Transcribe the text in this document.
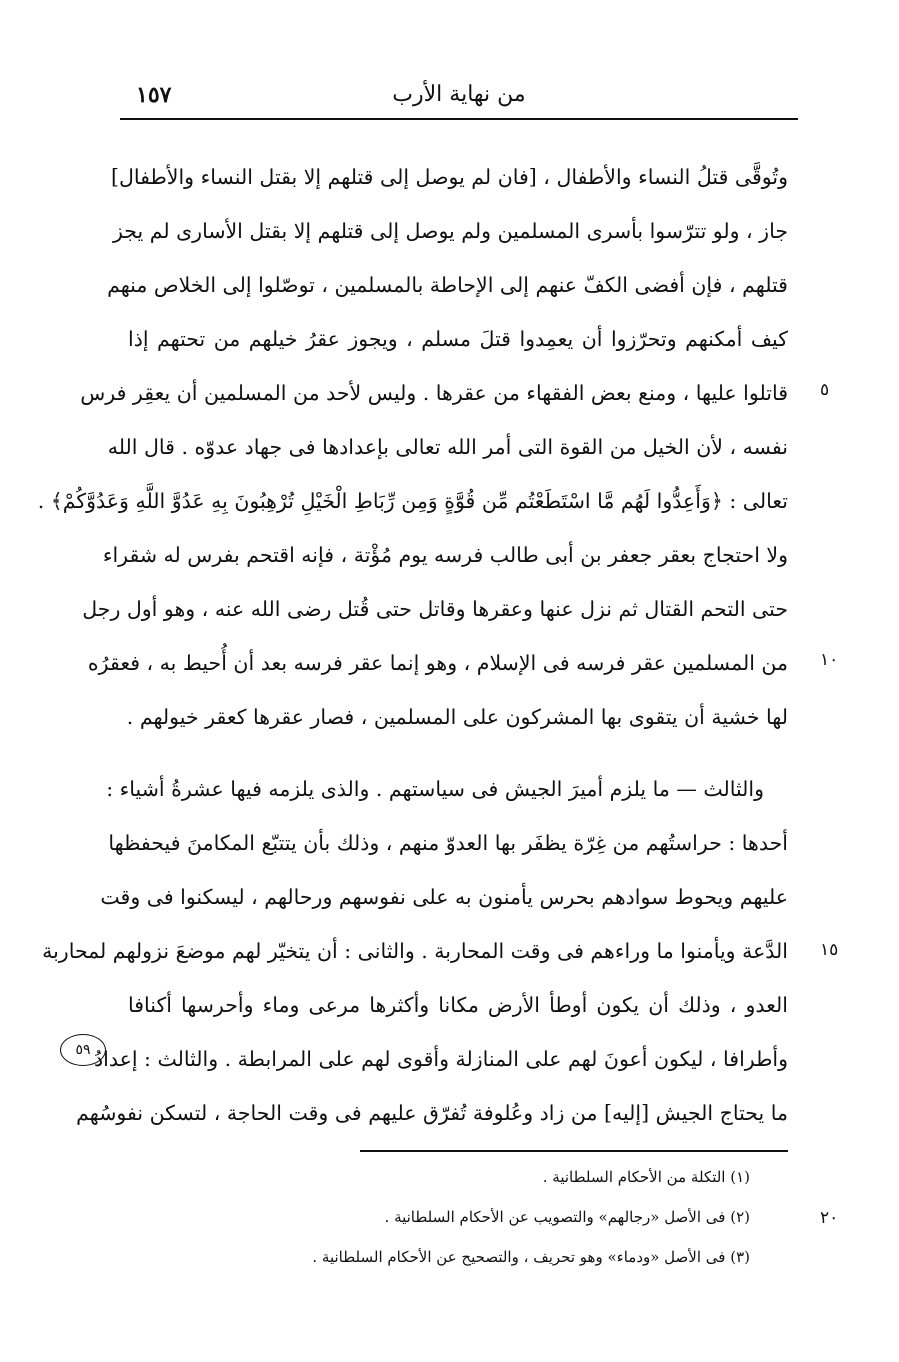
من نهاية الأرب
١٥٧
وتُوقَّى قتلُ النساء والأطفال ، [فان لم يوصل إلى قتلهم إلا بقتل النساء والأطفال]
جاز ، ولو تترّسوا بأسرى المسلمين ولم يوصل إلى قتلهم إلا بقتل الأسارى لم يجز
قتلهم ، فإن أفضى الكفّ عنهم إلى الإحاطة بالمسلمين ، توصّلوا إلى الخلاص منهم
كيف أمكنهم وتحرّزوا أن يعمِدوا قتلَ مسلم ، ويجوز عقرُ خيلهم من تحتهم إذا
قاتلوا عليها ، ومنع بعض الفقهاء من عقرها . وليس لأحد من المسلمين أن يعقِر فرس
نفسه ، لأن الخيل من القوة التى أمر الله تعالى بإعدادها فى جهاد عدوّه . قال الله
تعالى : ﴿وَأَعِدُّوا لَهُم مَّا اسْتَطَعْتُم مِّن قُوَّةٍ وَمِن رِّبَاطِ الْخَيْلِ تُرْهِبُونَ بِهِ عَدُوَّ اللَّهِ وَعَدُوَّكُمْ﴾ .
ولا احتجاج بعقر جعفر بن أبى طالب فرسه يوم مُؤْتة ، فإنه اقتحم بفرس له شقراء
حتى التحم القتال ثم نزل عنها وعقرها وقاتل حتى قُتل رضى الله عنه ، وهو أول رجل
من المسلمين عقر فرسه فى الإسلام ، وهو إنما عقر فرسه بعد أن أُحيط به ، فعقرُه
لها خشية أن يتقوى بها المشركون على المسلمين ، فصار عقرها كعقر خيولهم .
والثالث — ما يلزم أميرَ الجيش فى سياستهم . والذى يلزمه فيها عشرةُ أشياء :
أحدها : حراستُهم من غِرّة يظفَر بها العدوّ منهم ، وذلك بأن يتتبّع المكامنَ فيحفظها
عليهم ويحوط سوادهم بحرس يأمنون به على نفوسهم ورحالهم ، ليسكنوا فى وقت
الدَّعة ويأمنوا ما وراءهم فى وقت المحاربة . والثانى : أن يتخيّر لهم موضعَ نزولهم لمحاربة
العدو ، وذلك أن يكون أوطأ الأرض مكانا وأكثرها مرعى وماء وأحرسها أكنافا
وأطرافا ، ليكون أعونَ لهم على المنازلة وأقوى لهم على المرابطة . والثالث : إعدادُ
ما يحتاج الجيش [إليه] من زاد وعُلوفة تُفرّق عليهم فى وقت الحاجة ، لتسكن نفوسُهم
٥
١٠
١٥
٢٠
٥٩
(١) التكلة من الأحكام السلطانية .
(٢) فى الأصل «رجالهم» والتصويب عن الأحكام السلطانية .
(٣) فى الأصل «ودماء» وهو تحريف ، والتصحيح عن الأحكام السلطانية .
